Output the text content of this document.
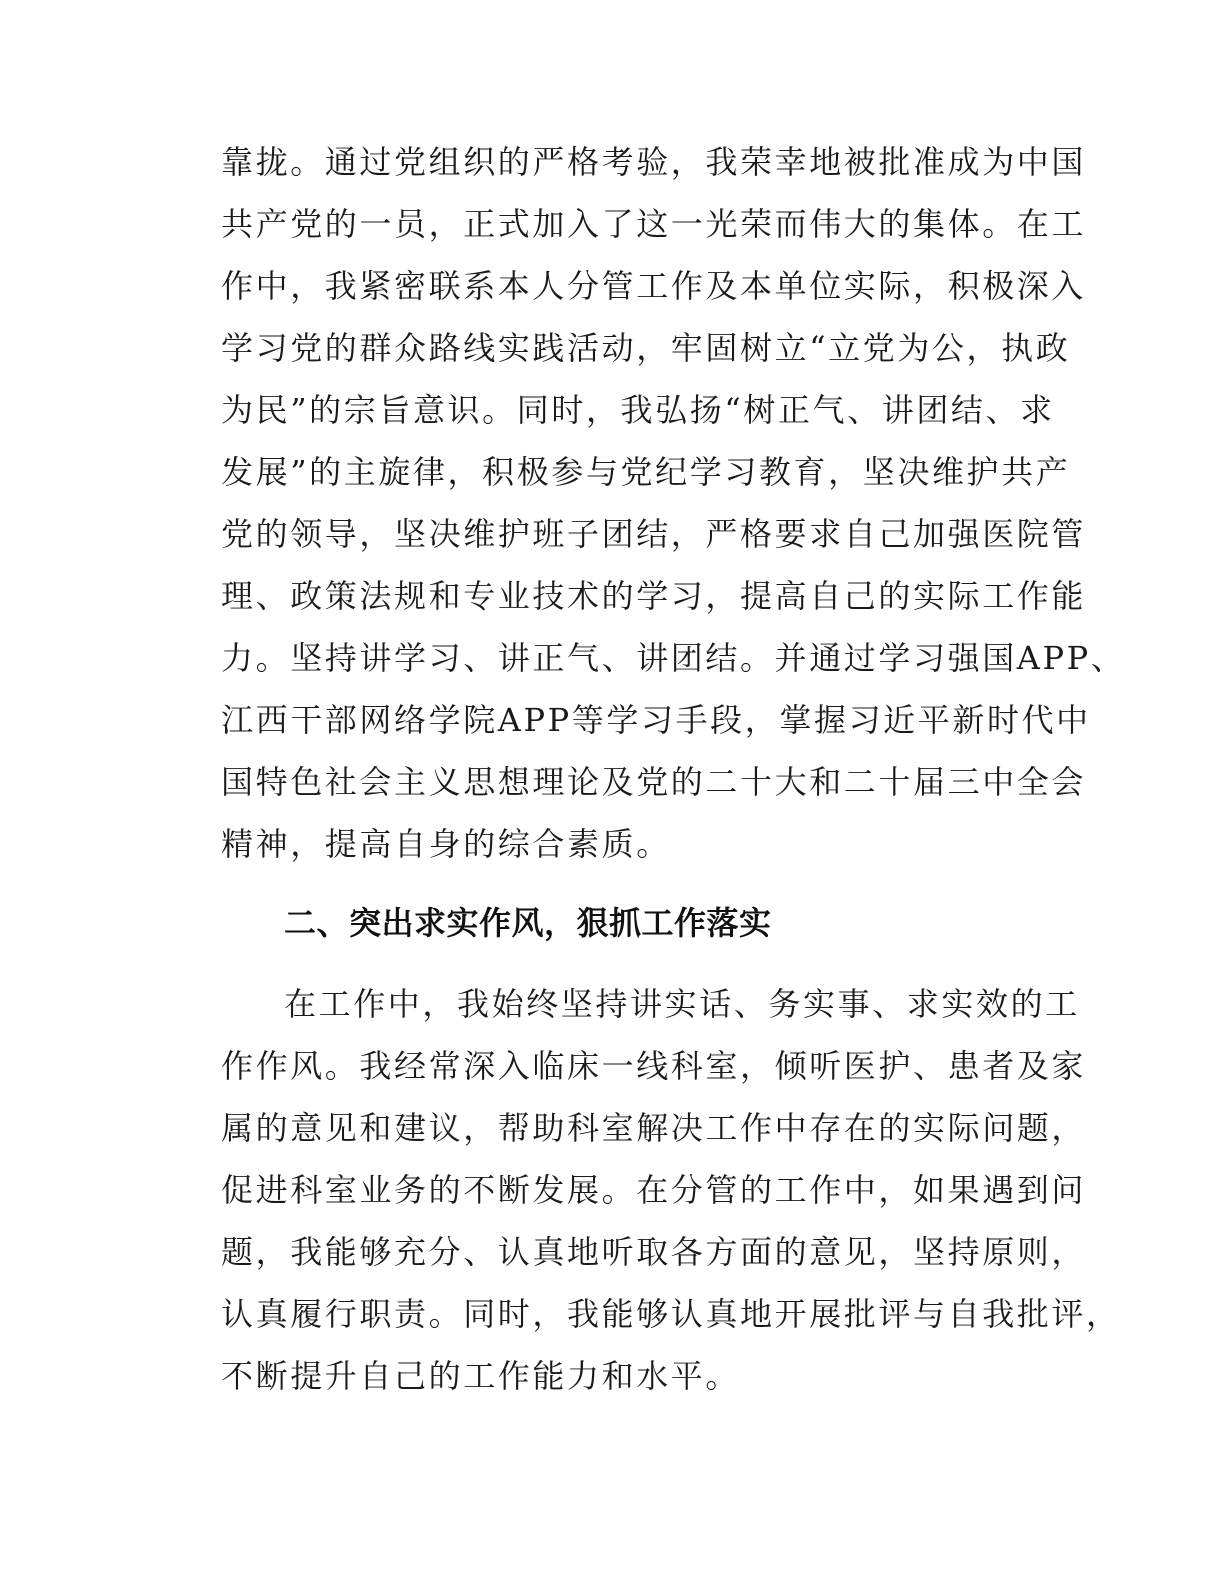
靠拢。通过党组织的严格考验，我荣幸地被批准成为中国
共产党的一员，正式加入了这一光荣而伟大的集体。在工
作中，我紧密联系本人分管工作及本单位实际，积极深入
学习党的群众路线实践活动，牢固树立“立党为公，执政
为民”的宗旨意识。同时，我弘扬“树正气、讲团结、求
发展”的主旋律，积极参与党纪学习教育，坚决维护共产
党的领导，坚决维护班子团结，严格要求自己加强医院管
理、政策法规和专业技术的学习，提高自己的实际工作能
力。坚持讲学习、讲正气、讲团结。并通过学习强国APP、
江西干部网络学院APP等学习手段，掌握习近平新时代中
国特色社会主义思想理论及党的二十大和二十届三中全会
精神，提高自身的综合素质。
二、突出求实作风，狠抓工作落实
在工作中，我始终坚持讲实话、务实事、求实效的工
作作风。我经常深入临床一线科室，倾听医护、患者及家
属的意见和建议，帮助科室解决工作中存在的实际问题，
促进科室业务的不断发展。在分管的工作中，如果遇到问
题，我能够充分、认真地听取各方面的意见，坚持原则，
认真履行职责。同时，我能够认真地开展批评与自我批评，
不断提升自己的工作能力和水平。
